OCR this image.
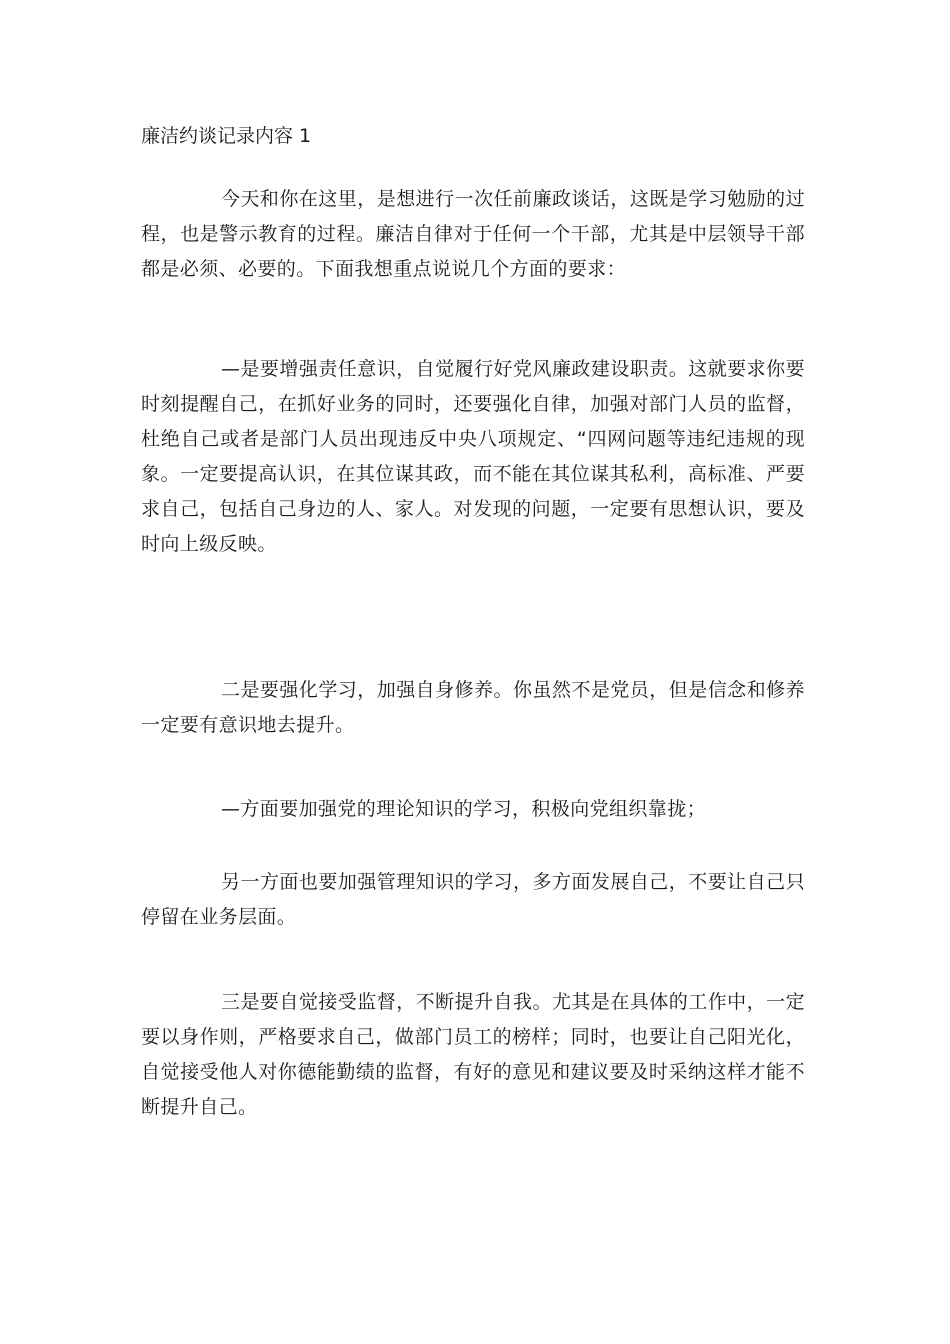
廉洁约谈记录内容 1

今天和你在这里，是想进行一次任前廉政谈话，这既是学习勉励的过程，也是警示教育的过程。廉洁自律对于任何一个干部，尤其是中层领导干部都是必须、必要的。下面我想重点说说几个方面的要求：

—是要增强责任意识，自觉履行好党风廉政建设职责。这就要求你要时刻提醒自己，在抓好业务的同时，还要强化自律，加强对部门人员的监督，杜绝自己或者是部门人员出现违反中央八项规定、“四网问题等违纪违规的现象。一定要提高认识，在其位谋其政，而不能在其位谋其私利，高标准、严要求自己，包括自己身边的人、家人。对发现的问题，一定要有思想认识，要及时向上级反映。

二是要强化学习，加强自身修养。你虽然不是党员，但是信念和修养一定要有意识地去提升。

—方面要加强党的理论知识的学习，积极向党组织靠拢；

另一方面也要加强管理知识的学习，多方面发展自己，不要让自己只停留在业务层面。

三是要自觉接受监督，不断提升自我。尤其是在具体的工作中，一定要以身作则，严格要求自己，做部门员工的榜样；同时，也要让自己阳光化，自觉接受他人对你德能勤绩的监督，有好的意见和建议要及时采纳这样才能不断提升自己。
